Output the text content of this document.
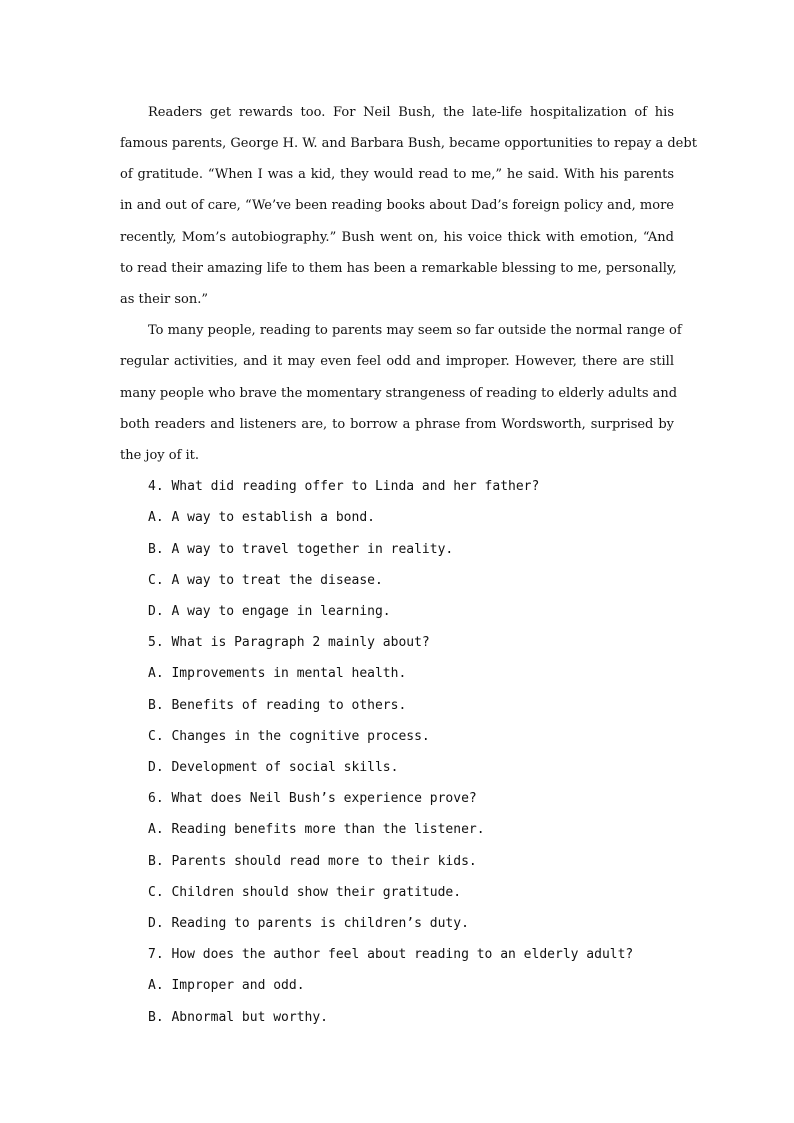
Readers get rewards too. For Neil Bush, the late-life hospitalization of his
famous parents, George H. W. and Barbara Bush, became opportunities to repay a debt
of gratitude. “When I was a kid, they would read to me,” he said. With his parents
in and out of care, “We’ve been reading books about Dad’s foreign policy and, more
recently, Mom’s autobiography.” Bush went on, his voice thick with emotion, “And
to read their amazing life to them has been a remarkable blessing to me, personally,
as their son.”
To many people, reading to parents may seem so far outside the normal range of
regular activities, and it may even feel odd and improper. However, there are still
many people who brave the momentary strangeness of reading to elderly adults and
both readers and listeners are, to borrow a phrase from Wordsworth, surprised by
the joy of it.
4. What did reading offer to Linda and her father?
A. A way to establish a bond.
B. A way to travel together in reality.
C. A way to treat the disease.
D. A way to engage in learning.
5. What is Paragraph 2 mainly about?
A. Improvements in mental health.
B. Benefits of reading to others.
C. Changes in the cognitive process.
D. Development of social skills.
6. What does Neil Bush’s experience prove?
A. Reading benefits more than the listener.
B. Parents should read more to their kids.
C. Children should show their gratitude.
D. Reading to parents is children’s duty.
7. How does the author feel about reading to an elderly adult?
A. Improper and odd.
B. Abnormal but worthy.
